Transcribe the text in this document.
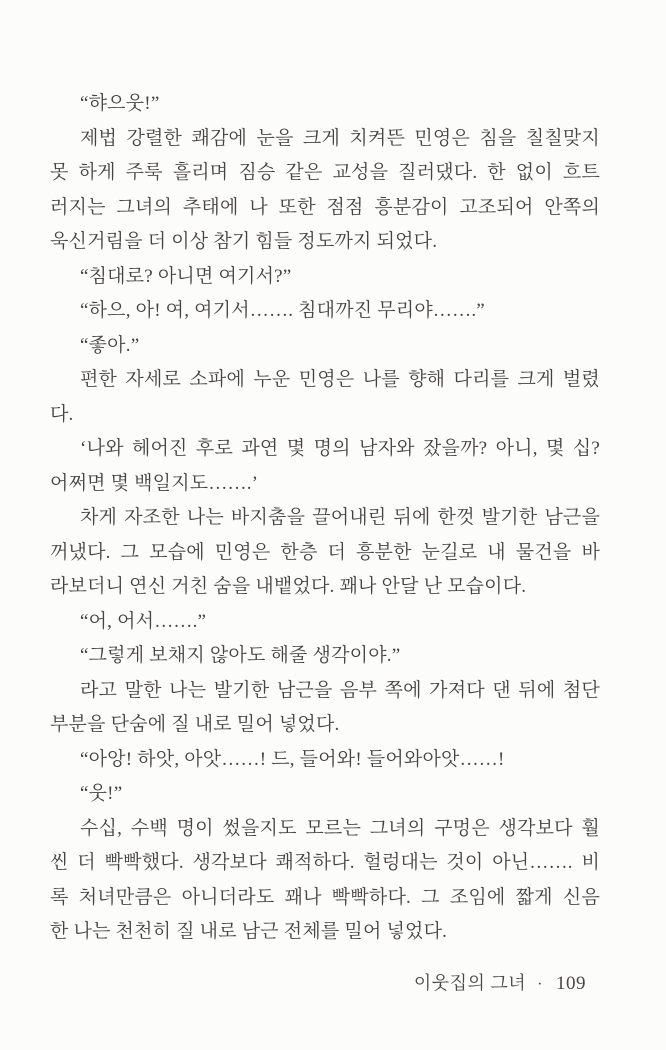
“햐으웃!”
제법 강렬한 쾌감에 눈을 크게 치켜뜬 민영은 침을 칠칠맞지
못 하게 주룩 흘리며 짐승 같은 교성을 질러댔다. 한 없이 흐트
러지는 그녀의 추태에 나 또한 점점 흥분감이 고조되어 안쪽의
욱신거림을 더 이상 참기 힘들 정도까지 되었다.
“침대로? 아니면 여기서?”
“하으, 아! 여, 여기서……. 침대까진 무리야…….”
“좋아.”
편한 자세로 소파에 누운 민영은 나를 향해 다리를 크게 벌렸
다.
‘나와 헤어진 후로 과연 몇 명의 남자와 잤을까? 아니, 몇 십?
어쩌면 몇 백일지도…….’
차게 자조한 나는 바지춤을 끌어내린 뒤에 한껏 발기한 남근을
꺼냈다. 그 모습에 민영은 한층 더 흥분한 눈길로 내 물건을 바
라보더니 연신 거친 숨을 내뱉었다. 꽤나 안달 난 모습이다.
“어, 어서…….”
“그렇게 보채지 않아도 해줄 생각이야.”
라고 말한 나는 발기한 남근을 음부 쪽에 가져다 댄 뒤에 첨단
부분을 단숨에 질 내로 밀어 넣었다.
“아앙! 하앗, 아앗……! 드, 들어와! 들어와아앗……!
“웃!”
수십, 수백 명이 썼을지도 모르는 그녀의 구멍은 생각보다 훨
씬 더 빡빡했다. 생각보다 쾌적하다. 헐렁대는 것이 아닌……. 비
록 처녀만큼은 아니더라도 꽤나 빡빡하다. 그 조임에 짧게 신음
한 나는 천천히 질 내로 남근 전체를 밀어 넣었다.
이웃집의 그녀 · 109
